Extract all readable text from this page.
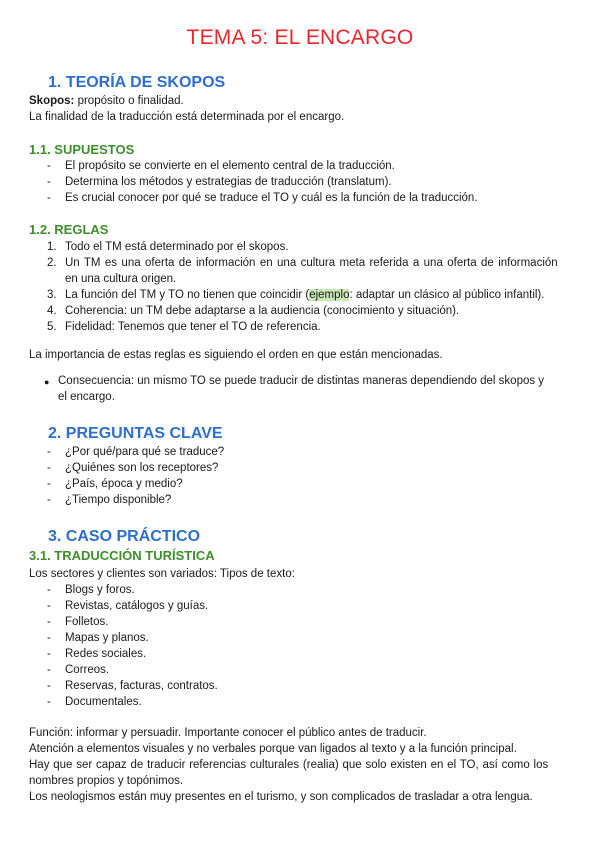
TEMA 5: EL ENCARGO
1. TEORÍA DE SKOPOS
Skopos: propósito o finalidad.
La finalidad de la traducción está determinada por el encargo.
1.1. SUPUESTOS
- El propósito se convierte en el elemento central de la traducción.
- Determina los métodos y estrategias de traducción (translatum).
- Es crucial conocer por qué se traduce el TO y cuál es la función de la traducción.
1.2. REGLAS
1. Todo el TM está determinado por el skopos.
2. Un TM es una oferta de información en una cultura meta referida a una oferta de información
en una cultura origen.
3. La función del TM y TO no tienen que coincidir (ejemplo: adaptar un clásico al público infantil).
4. Coherencia: un TM debe adaptarse a la audiencia (conocimiento y situación).
5. Fidelidad: Tenemos que tener el TO de referencia.
La importancia de estas reglas es siguiendo el orden en que están mencionadas.
● Consecuencia: un mismo TO se puede traducir de distintas maneras dependiendo del skopos y
el encargo.
2. PREGUNTAS CLAVE
- ¿Por qué/para qué se traduce?
- ¿Quiénes son los receptores?
- ¿País, época y medio?
- ¿Tiempo disponible?
3. CASO PRÁCTICO
3.1. TRADUCCIÓN TURÍSTICA
Los sectores y clientes son variados: Tipos de texto:
- Blogs y foros.
- Revistas, catálogos y guías.
- Folletos.
- Mapas y planos.
- Redes sociales.
- Correos.
- Reservas, facturas, contratos.
- Documentales.
Función: informar y persuadir. Importante conocer el público antes de traducir.
Atención a elementos visuales y no verbales porque van ligados al texto y a la función principal.
Hay que ser capaz de traducir referencias culturales (realia) que solo existen en el TO, así como los
nombres propios y topónimos.
Los neologismos están muy presentes en el turismo, y son complicados de trasladar a otra lengua.
